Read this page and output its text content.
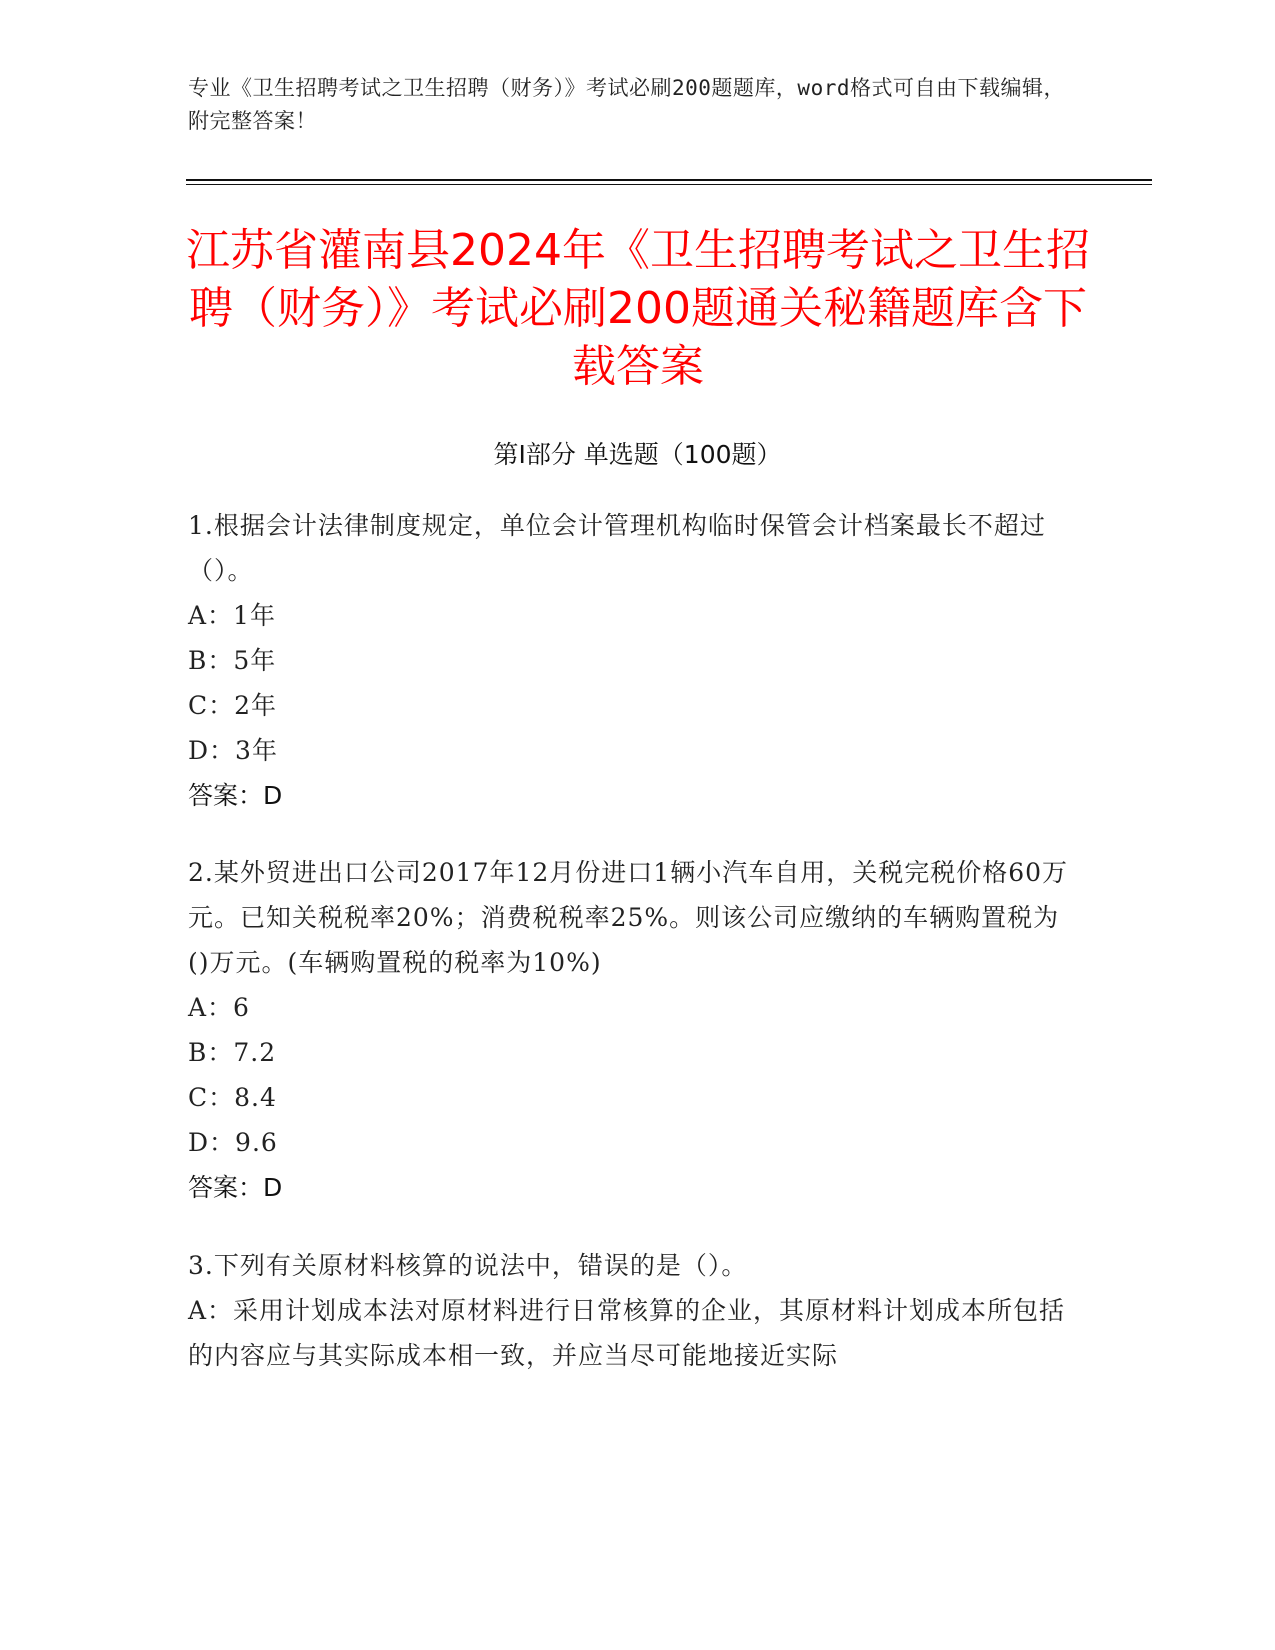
专业《卫生招聘考试之卫生招聘（财务）》考试必刷200题题库，word格式可自由下载编辑，附完整答案！
江苏省灌南县2024年《卫生招聘考试之卫生招聘（财务）》考试必刷200题通关秘籍题库含下载答案
第Ⅰ部分 单选题（100题）
1.根据会计法律制度规定，单位会计管理机构临时保管会计档案最长不超过（）。
A：1年
B：5年
C：2年
D：3年
答案：D
2.某外贸进出口公司2017年12月份进口1辆小汽车自用，关税完税价格60万元。已知关税税率20%；消费税税率25%。则该公司应缴纳的车辆购置税为()万元。(车辆购置税的税率为10%)
A：6
B：7.2
C：8.4
D：9.6
答案：D
3.下列有关原材料核算的说法中，错误的是（）。
A：采用计划成本法对原材料进行日常核算的企业，其原材料计划成本所包括的内容应与其实际成本相一致，并应当尽可能地接近实际
